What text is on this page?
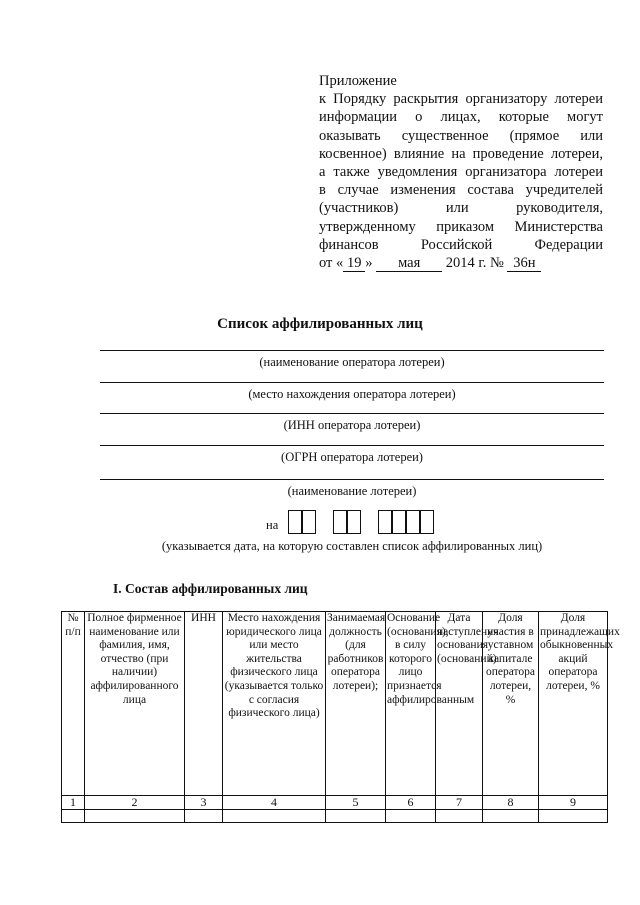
Приложение
к Порядку раскрытия организатору лотереи
информации о лицах, которые могут
оказывать существенное (прямое или
косвенное) влияние на проведение лотереи,
а также уведомления организатора лотереи
в случае изменения состава учредителей
(участников) или руководителя,
утвержденному приказом Министерства
финансов Российской Федерации
от « 19 » мая 2014 г. № 36н
Список аффилированных лиц
(наименование оператора лотереи)
(место нахождения оператора лотереи)
(ИНН оператора лотереи)
(ОГРН оператора лотереи)
(наименование лотереи)
на
(указывается дата, на которую составлен список аффилированных лиц)
I. Состав аффилированных лиц
№ п/п	Полное фирменное наименование или фамилия, имя, отчество (при наличии) аффилированного лица	ИНН	Место нахождения юридического лица или место жительства физического лица (указывается только с согласия физического лица)	Занимаемая должность (для работников оператора лотереи);	Основание (основания), в силу которого лицо признается аффилированным	Дата наступления основания (оснований)	Доля участия в уставном капитале оператора лотереи, %	Доля принадлежащих обыкновенных акций оператора лотереи, %
1	2	3	4	5	6	7	8	9
